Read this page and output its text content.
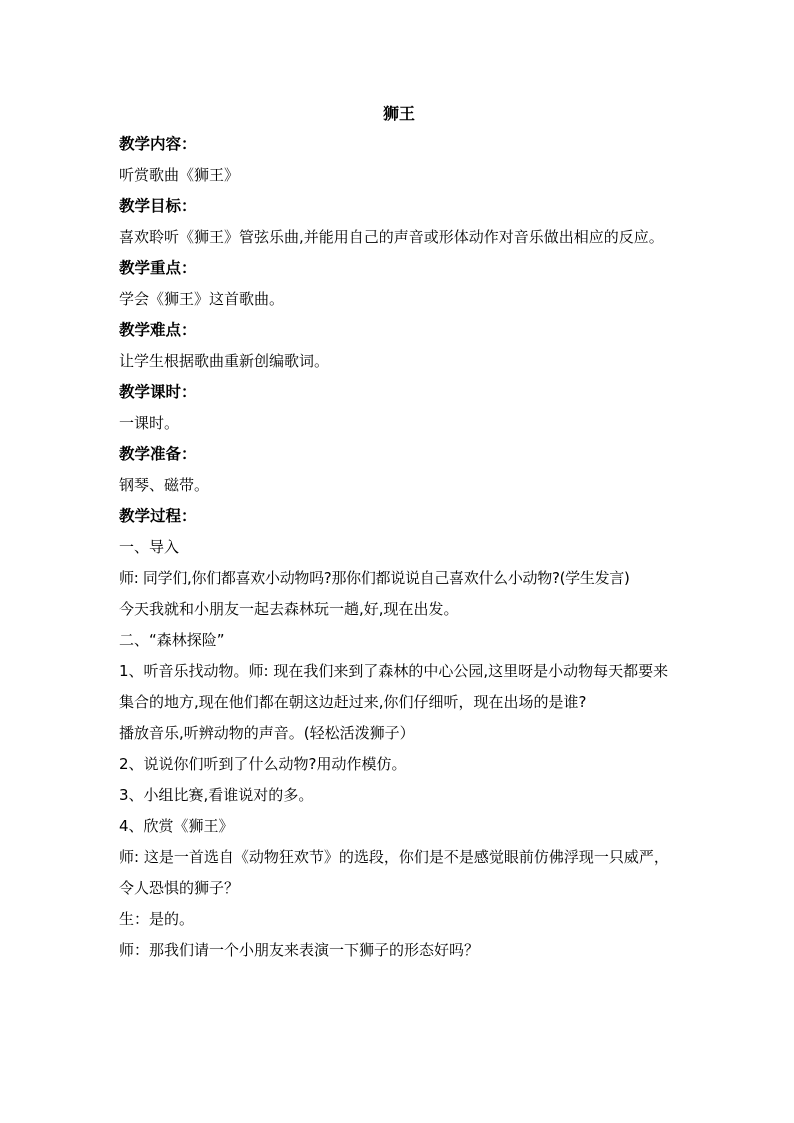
狮王

教学内容：

听赏歌曲《狮王》

教学目标：

喜欢聆听《狮王》管弦乐曲,并能用自己的声音或形体动作对音乐做出相应的反应。

教学重点：

学会《狮王》这首歌曲。

教学难点：

让学生根据歌曲重新创编歌词。

教学课时：

一课时。

教学准备：

钢琴、磁带。

教学过程：

一、导入

师: 同学们,你们都喜欢小动物吗?那你们都说说自己喜欢什么小动物?(学生发言)

今天我就和小朋友一起去森林玩一趟,好,现在出发。

二、“森林探险”

1、听音乐找动物。师: 现在我们来到了森林的中心公园,这里呀是小动物每天都要来集合的地方,现在他们都在朝这边赶过来,你们仔细听，现在出场的是谁?

播放音乐,听辨动物的声音。(轻松活泼狮子）

2、说说你们听到了什么动物?用动作模仿。

3、小组比赛,看谁说对的多。

4、欣赏《狮王》

师: 这是一首选自《动物狂欢节》的选段，你们是不是感觉眼前仿佛浮现一只威严，令人恐惧的狮子？

生：是的。

师：那我们请一个小朋友来表演一下狮子的形态好吗？
